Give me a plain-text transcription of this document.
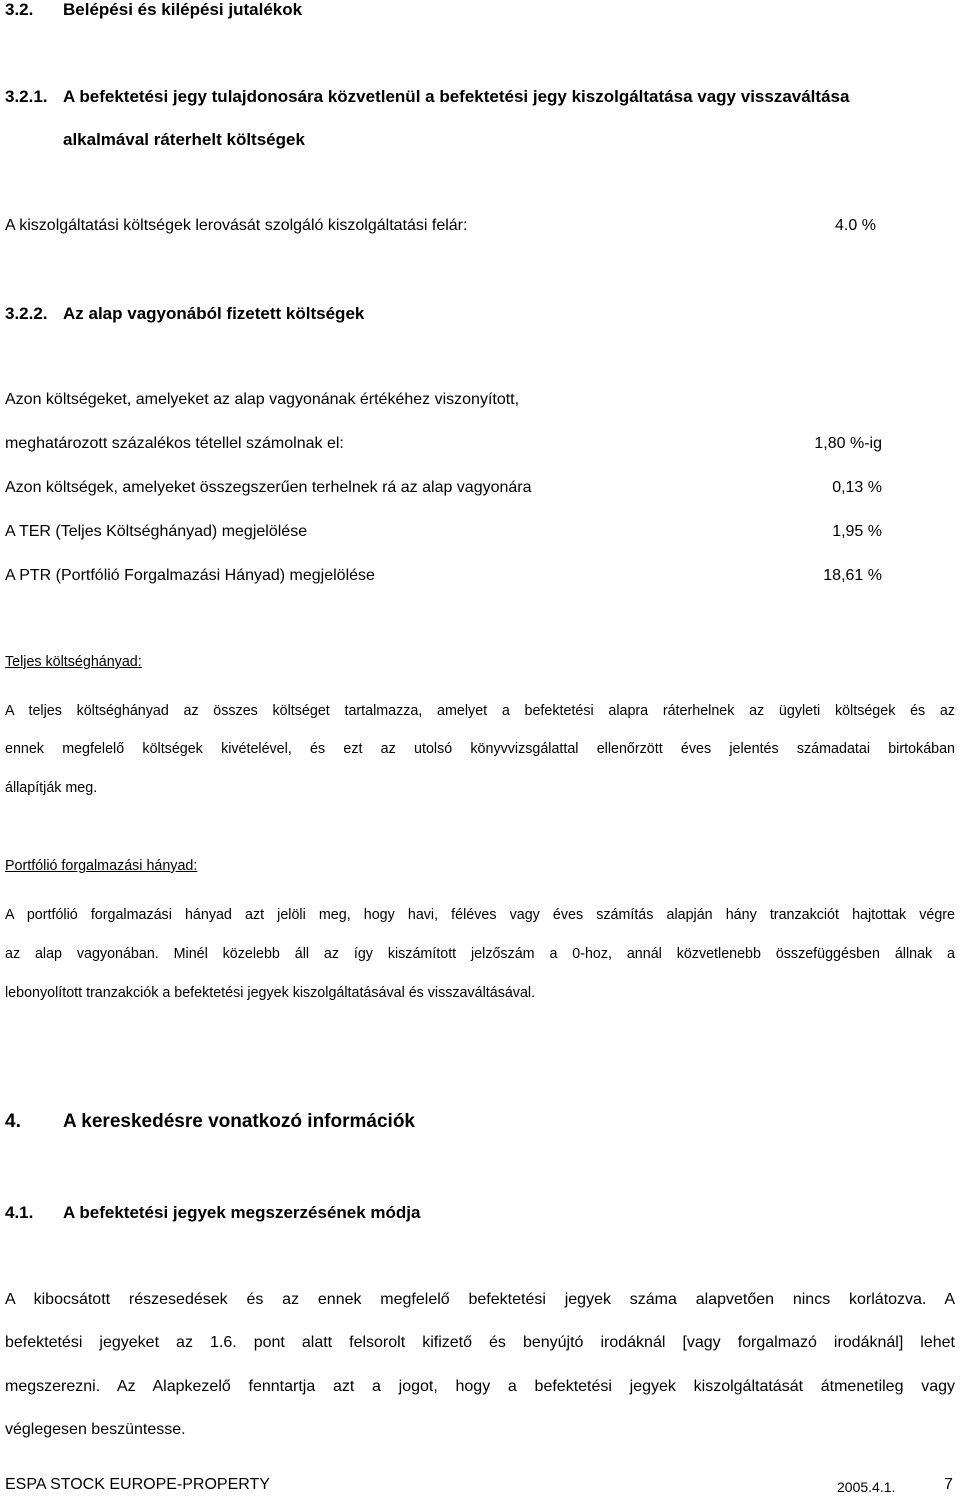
3.2. Belépési és kilépési jutalékok
3.2.1. A befektetési jegy tulajdonosára közvetlenül a befektetési jegy kiszolgáltatása vagy visszaváltása
alkalmával ráterhelt költségek
A kiszolgáltatási költségek lerovását szolgáló kiszolgáltatási felár:	4.0 %
3.2.2. Az alap vagyonából fizetett költségek
Azon költségeket, amelyeket az alap vagyonának értékéhez viszonyított,
meghatározott százalékos tétellel számolnak el:	1,80 %-ig
Azon költségek, amelyeket összegszerűen terhelnek rá az alap vagyonára	0,13 %
A TER (Teljes Költséghányad) megjelölése	1,95 %
A PTR (Portfólió Forgalmazási Hányad) megjelölése	18,61 %
Teljes költséghányad:
A teljes költséghányad az összes költséget tartalmazza, amelyet a befektetési alapra ráterhelnek az ügyleti költségek és az
ennek megfelelő költségek kivételével, és ezt az utolsó könyvvizsgálattal ellenőrzött éves jelentés számadatai birtokában
állapítják meg.
Portfólió forgalmazási hányad:
A portfólió forgalmazási hányad azt jelöli meg, hogy havi, féléves vagy éves számítás alapján hány tranzakciót hajtottak végre
az alap vagyonában. Minél közelebb áll az így kiszámított jelzőszám a 0-hoz, annál közvetlenebb összefüggésben állnak a
lebonyolított tranzakciók a befektetési jegyek kiszolgáltatásával és visszaváltásával.
4. A kereskedésre vonatkozó információk
4.1. A befektetési jegyek megszerzésének módja
A kibocsátott részesedések és az ennek megfelelő befektetési jegyek száma alapvetően nincs korlátozva. A
befektetési jegyeket az 1.6. pont alatt felsorolt kifizető és benyújtó irodáknál [vagy forgalmazó irodáknál] lehet
megszerezni. Az Alapkezelő fenntartja azt a jogot, hogy a befektetési jegyek kiszolgáltatását átmenetileg vagy
véglegesen beszüntesse.
ESPA STOCK EUROPE-PROPERTY	2005.4.1.	7
